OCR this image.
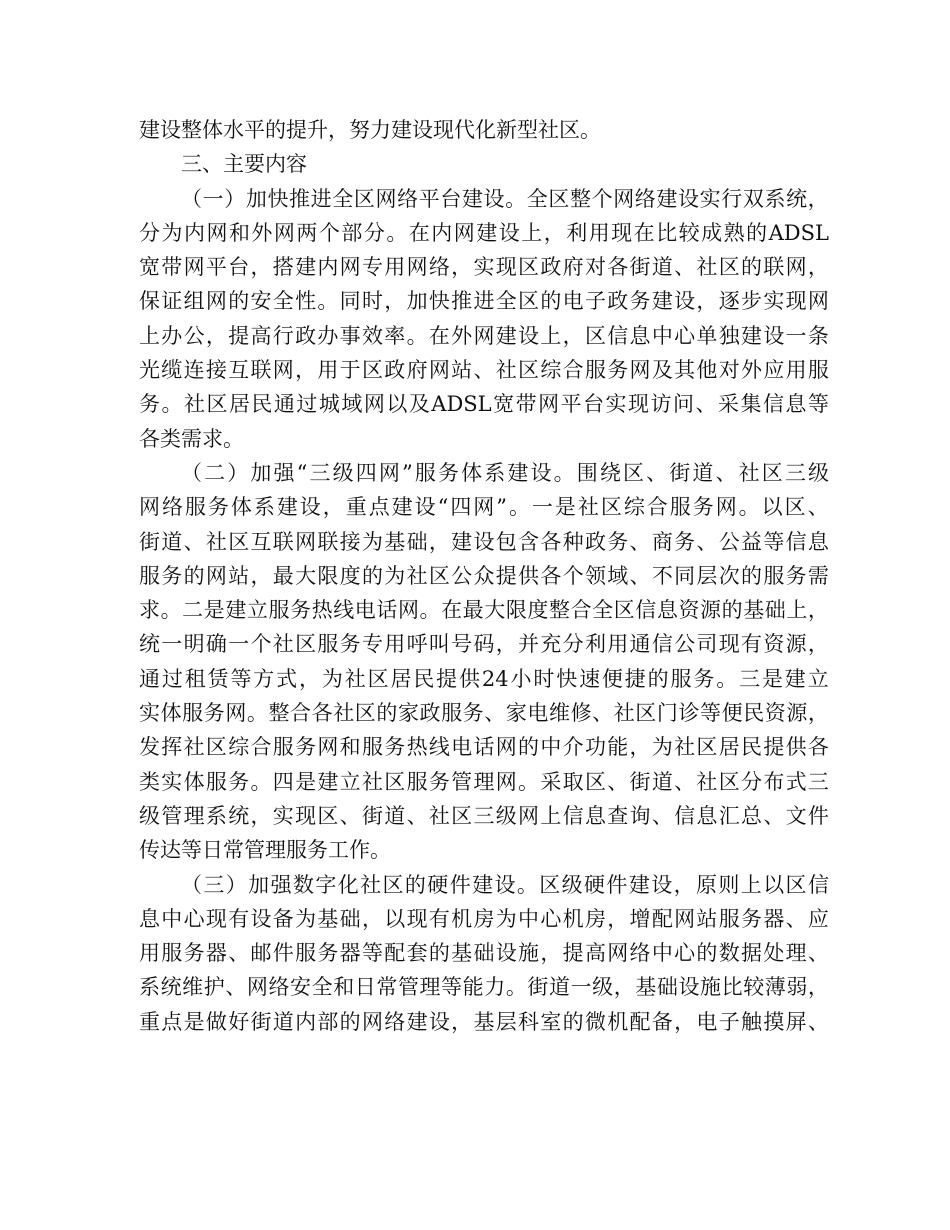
建设整体水平的提升，努力建设现代化新型社区。
三、主要内容
（ 一 ） 加 快 推 进 全 区 网 络 平 台 建 设 。 全 区 整 个 网 络 建 设 实 行 双 系 统 ，
分 为 内 网 和 外 网 两 个 部 分 。 在 内 网 建 设 上 ， 利 用 现 在 比 较 成 熟 的 ADSL
宽 带 网 平 台 ， 搭 建 内 网 专 用 网 络 ， 实 现 区 政 府 对 各 街 道 、 社 区 的 联 网 ，
保 证 组 网 的 安 全 性 。 同 时 ， 加 快 推 进 全 区 的 电 子 政 务 建 设 ， 逐 步 实 现 网
上 办 公 ， 提 高 行 政 办 事 效 率 。 在 外 网 建 设 上 ， 区 信 息 中 心 单 独 建 设 一 条
光 缆 连 接 互 联 网 ， 用 于 区 政 府 网 站 、 社 区 综 合 服 务 网 及 其 他 对 外 应 用 服
务 。 社 区 居 民 通 过 城 域 网 以 及 ADSL 宽 带 网 平 台 实 现 访 问 、 采 集 信 息 等
各类需求。
（ 二 ） 加 强 “ 三 级 四 网 ” 服 务 体 系 建 设 。 围 绕 区 、 街 道 、 社 区 三 级
网 络 服 务 体 系 建 设 ， 重 点 建 设 “ 四 网 ” 。 一 是 社 区 综 合 服 务 网 。 以 区 、
街 道 、 社 区 互 联 网 联 接 为 基 础 ， 建 设 包 含 各 种 政 务 、 商 务 、 公 益 等 信 息
服 务 的 网 站 ， 最 大 限 度 的 为 社 区 公 众 提 供 各 个 领 域 、 不 同 层 次 的 服 务 需
求 。 二 是 建 立 服 务 热 线 电 话 网 。 在 最 大 限 度 整 合 全 区 信 息 资 源 的 基 础 上 ，
统 一 明 确 一 个 社 区 服 务 专 用 呼 叫 号 码 ， 并 充 分 利 用 通 信 公 司 现 有 资 源 ，
通 过 租 赁 等 方 式 ， 为 社 区 居 民 提 供 24 小 时 快 速 便 捷 的 服 务 。 三 是 建 立
实 体 服 务 网 。 整 合 各 社 区 的 家 政 服 务 、 家 电 维 修 、 社 区 门 诊 等 便 民 资 源 ，
发 挥 社 区 综 合 服 务 网 和 服 务 热 线 电 话 网 的 中 介 功 能 ， 为 社 区 居 民 提 供 各
类 实 体 服 务 。 四 是 建 立 社 区 服 务 管 理 网 。 采 取 区 、 街 道 、 社 区 分 布 式 三
级 管 理 系 统 ， 实 现 区 、 街 道 、 社 区 三 级 网 上 信 息 查 询 、 信 息 汇 总 、 文 件
传达等日常管理服务工作。
（ 三 ） 加 强 数 字 化 社 区 的 硬 件 建 设 。 区 级 硬 件 建 设 ， 原 则 上 以 区 信
息 中 心 现 有 设 备 为 基 础 ， 以 现 有 机 房 为 中 心 机 房 ， 增 配 网 站 服 务 器 、 应
用 服 务 器 、 邮 件 服 务 器 等 配 套 的 基 础 设 施 ， 提 高 网 络 中 心 的 数 据 处 理 、
系 统 维 护 、 网 络 安 全 和 日 常 管 理 等 能 力 。 街 道 一 级 ， 基 础 设 施 比 较 薄 弱 ，
重 点 是 做 好 街 道 内 部 的 网 络 建 设 ， 基 层 科 室 的 微 机 配 备 ， 电 子 触 摸 屏 、
